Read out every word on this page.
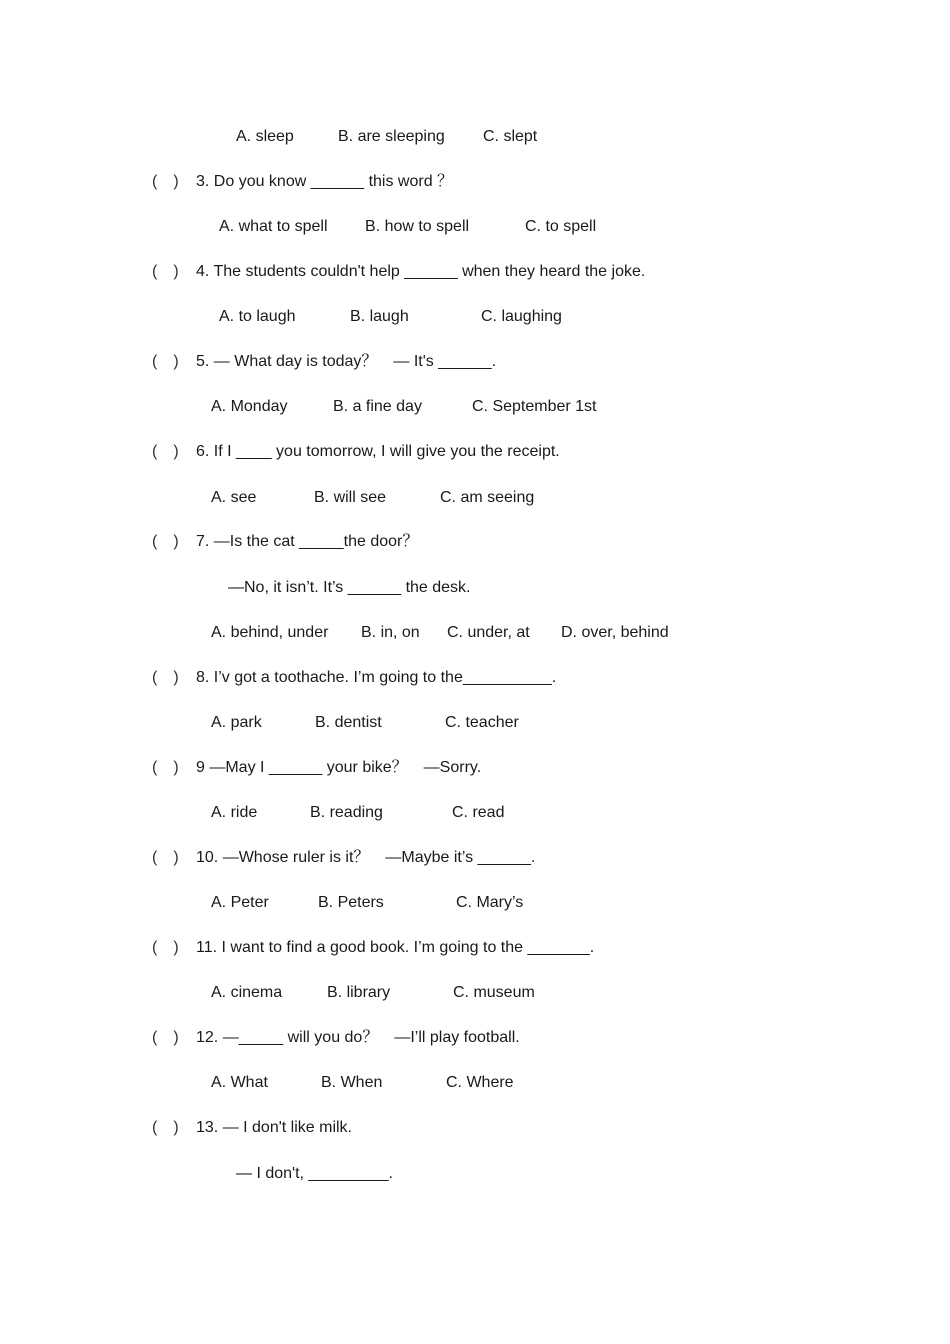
A. sleep	B. are sleeping C. slept
(　) 3. Do you know ______ this word ？
A. what to spell B. how to spell	C. to spell
(　) 4. The students couldn't help ______ when they heard the joke.
A. to laugh	B. laugh	C. laughing
(　) 5. — What day is today？　— It's ______.
A. Monday	B. a fine day	C. September 1st
(　) 6. If I ____ you tomorrow, I will give you the receipt.
A. see	B. will see	C. am seeing
(　) 7. —Is the cat _____the door？
—No, it isn’t. It’s ______ the desk.
A. behind, under B. in, on C. under, at D. over, behind
(　) 8. I’v got a toothache. I’m going to the__________.
A. park	B. dentist	C. teacher
(　) 9 —May I ______ your bike？　—Sorry.
A. ride	B. reading	C. read
(　) 10. —Whose ruler is it？　—Maybe it’s ______.
A. Peter	B. Peters	C. Mary’s
(　) 11. I want to find a good book. I’m going to the _______.
A. cinema	B. library	C. museum
(　) 12. —_____ will you do？　—I’ll play football.
A. What	B. When	C. Where
(　) 13. — I don't like milk.
— I don't, _________.
